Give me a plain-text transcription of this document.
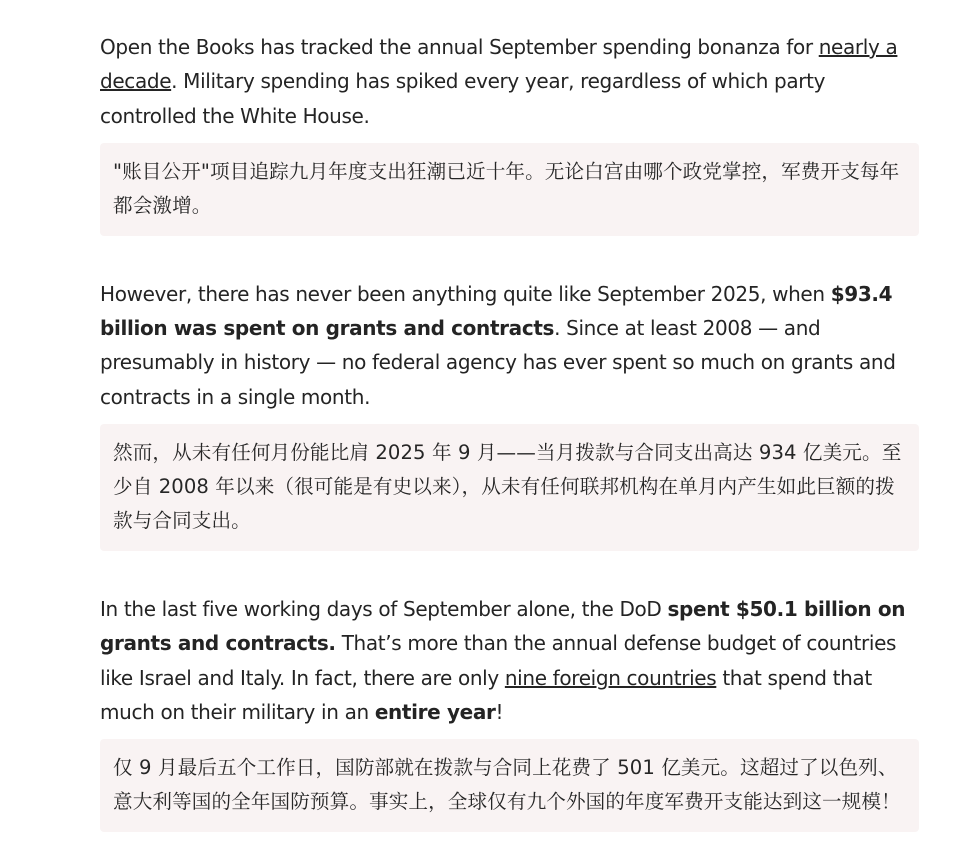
Open the Books has tracked the annual September spending bonanza for nearly a decade. Military spending has spiked every year, regardless of which party controlled the White House.

"账目公开"项目追踪九月年度支出狂潮已近十年。无论白宫由哪个政党掌控，军费开支每年都会激增。

However, there has never been anything quite like September 2025, when $93.4 billion was spent on grants and contracts. Since at least 2008 — and presumably in history — no federal agency has ever spent so much on grants and contracts in a single month.

然而，从未有任何月份能比肩 2025 年 9 月——当月拨款与合同支出高达 934 亿美元。至少自 2008 年以来（很可能是有史以来），从未有任何联邦机构在单月内产生如此巨额的拨款与合同支出。

In the last five working days of September alone, the DoD spent $50.1 billion on grants and contracts. That’s more than the annual defense budget of countries like Israel and Italy. In fact, there are only nine foreign countries that spend that much on their military in an entire year!

仅 9 月最后五个工作日，国防部就在拨款与合同上花费了 501 亿美元。这超过了以色列、意大利等国的全年国防预算。事实上，全球仅有九个外国的年度军费开支能达到这一规模！
